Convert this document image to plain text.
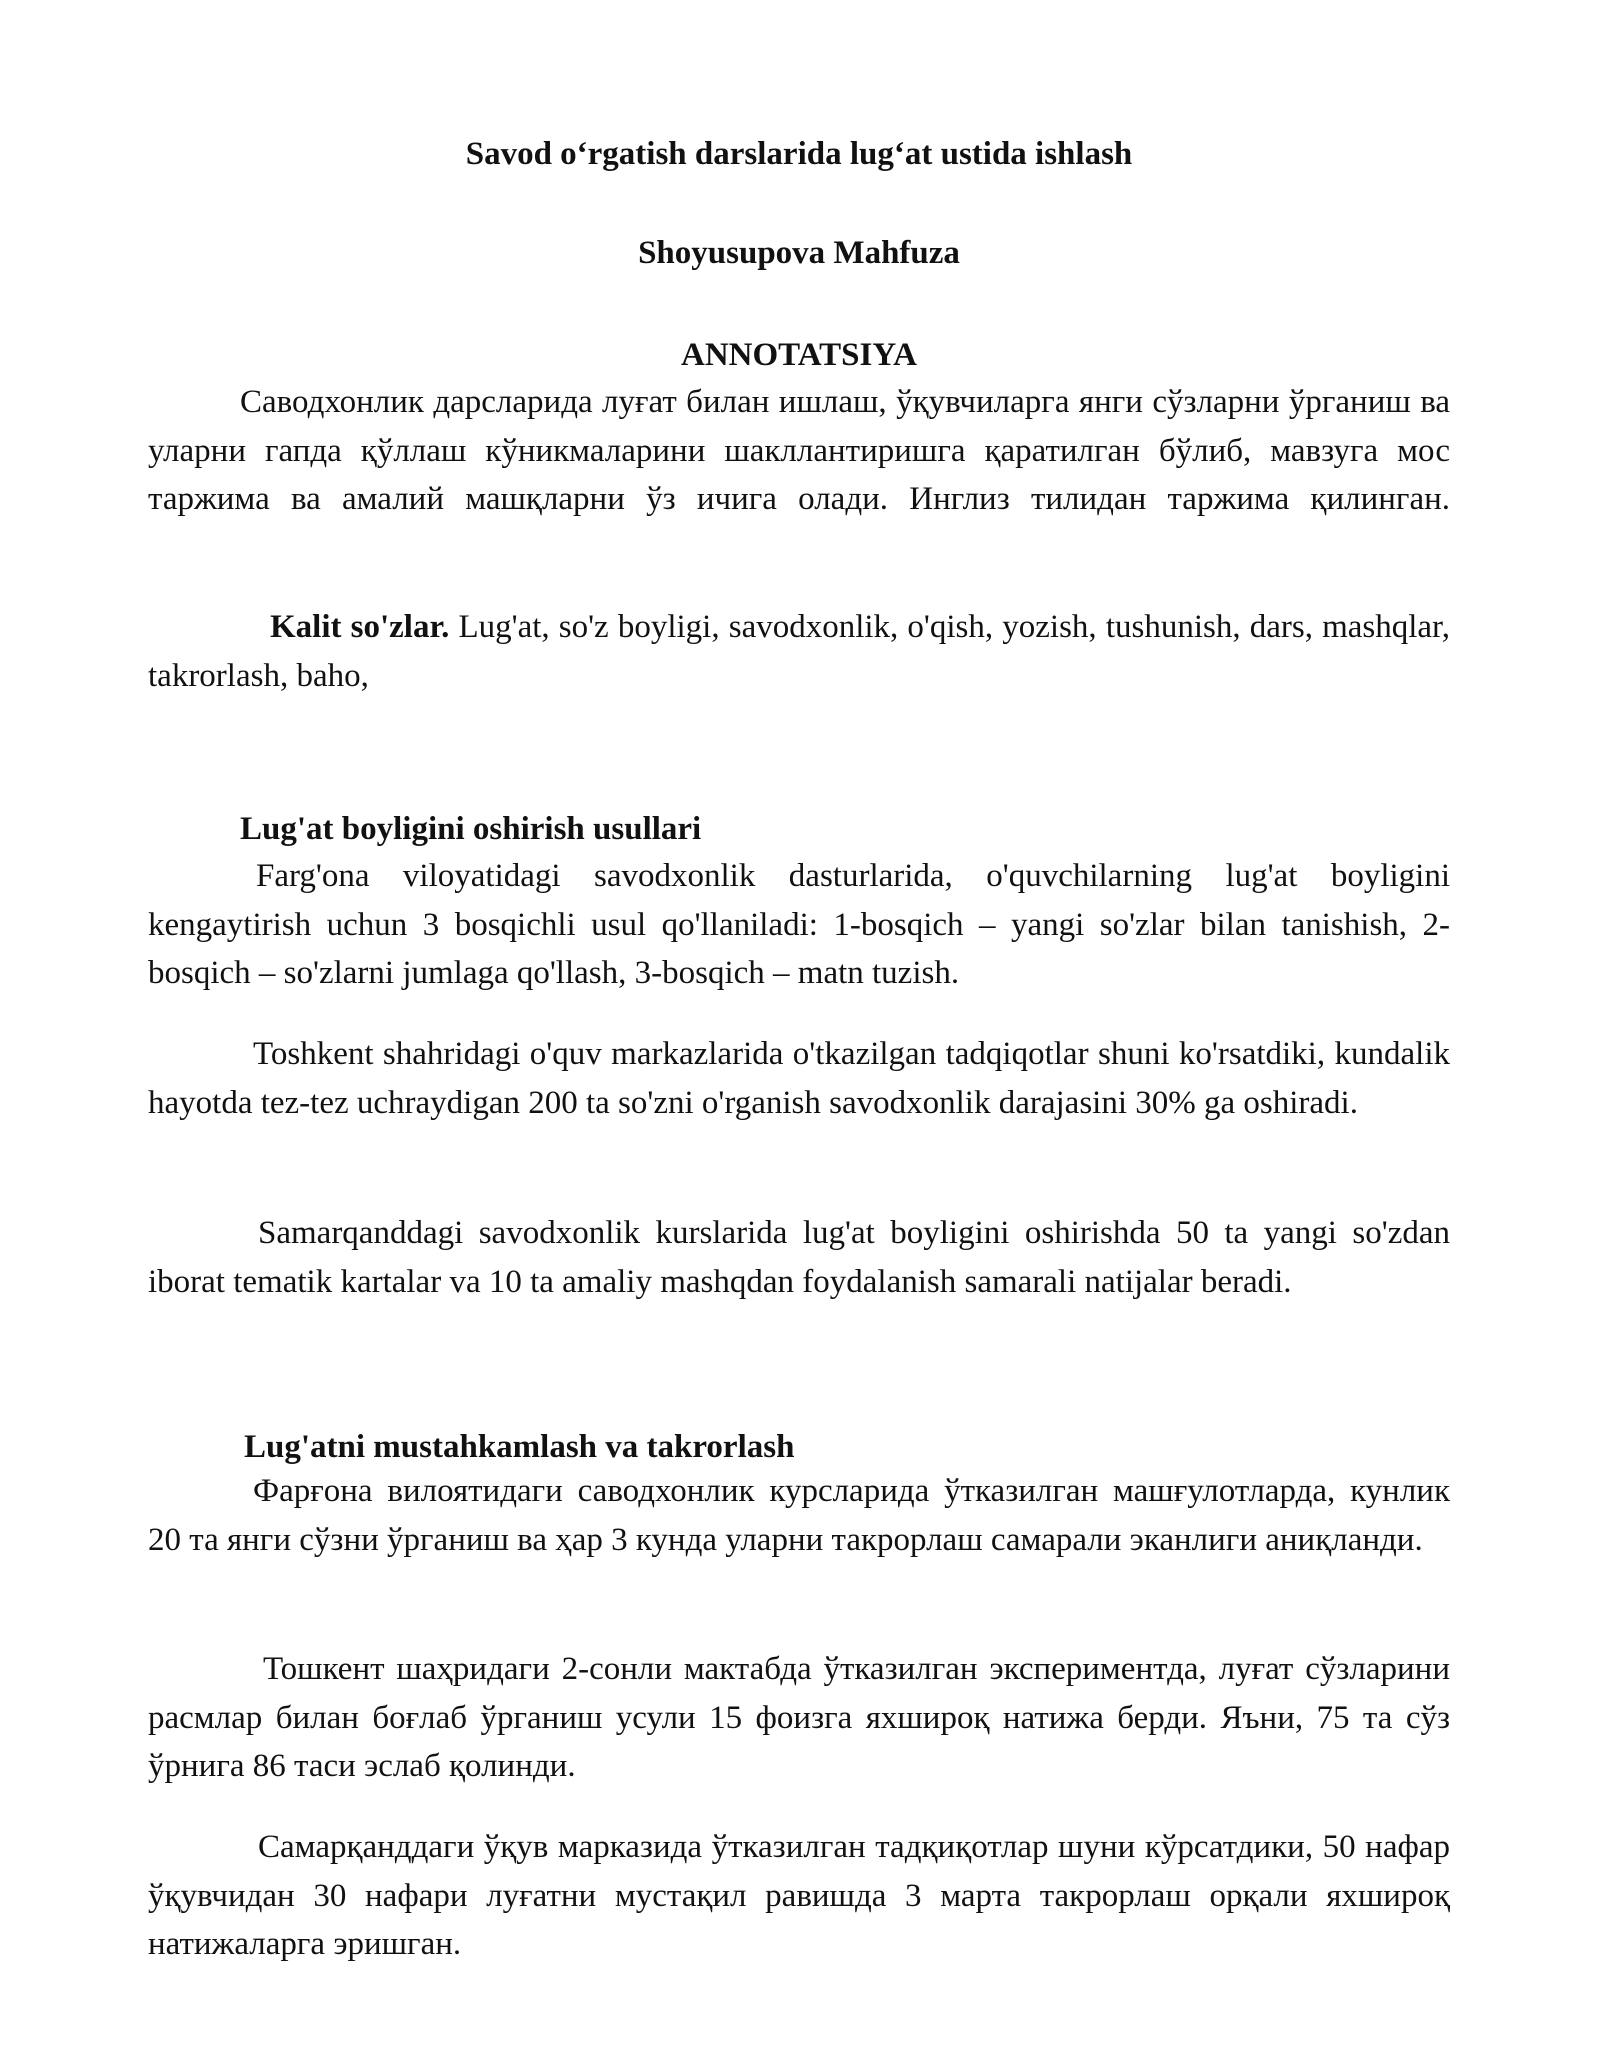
Savod o‘rgatish darslarida lug‘at ustida ishlash
Shoyusupova Mahfuza
ANNOTATSIYA

Саводхонлик дарсларида луғат билан ишлаш, ўқувчиларга янги сўзларни ўрганиш ва уларни гапда қўллаш кўникмаларини шакллантиришга қаратилган бўлиб, мавзуга мос таржима ва амалий машқларни ўз ичига олади. Инглиз тилидан таржима қилинган.

Kalit so'zlar. Lug'at, so'z boyligi, savodxonlik, o'qish, yozish, tushunish, dars, mashqlar, takrorlash, baho,

Lug'at boyligini oshirish usullari

Farg'ona viloyatidagi savodxonlik dasturlarida, o'quvchilarning lug'at boyligini kengaytirish uchun 3 bosqichli usul qo'llaniladi: 1-bosqich – yangi so'zlar bilan tanishish, 2-bosqich – so'zlarni jumlaga qo'llash, 3-bosqich – matn tuzish.

Toshkent shahridagi o'quv markazlarida o'tkazilgan tadqiqotlar shuni ko'rsatdiki, kundalik hayotda tez-tez uchraydigan 200 ta so'zni o'rganish savodxonlik darajasini 30% ga oshiradi.

Samarqanddagi savodxonlik kurslarida lug'at boyligini oshirishda 50 ta yangi so'zdan iborat tematik kartalar va 10 ta amaliy mashqdan foydalanish samarali natijalar beradi.

Lug'atni mustahkamlash va takrorlash

Фарғона вилоятидаги саводхонлик курсларида ўтказилган машғулотларда, кунлик 20 та янги сўзни ўрганиш ва ҳар 3 кунда уларни такрорлаш самарали эканлиги аниқланди.

Тошкент шаҳридаги 2-сонли мактабда ўтказилган экспериментда, луғат сўзларини расмлар билан боғлаб ўрганиш усули 15 фоизга яхшироқ натижа берди. Яъни, 75 та сўз ўрнига 86 таси эслаб қолинди.

Самарқанддаги ўқув марказида ўтказилган тадқиқотлар шуни кўрсатдики, 50 нафар ўқувчидан 30 нафари луғатни мустақил равишда 3 марта такрорлаш орқали яхшироқ натижаларга эришган.
